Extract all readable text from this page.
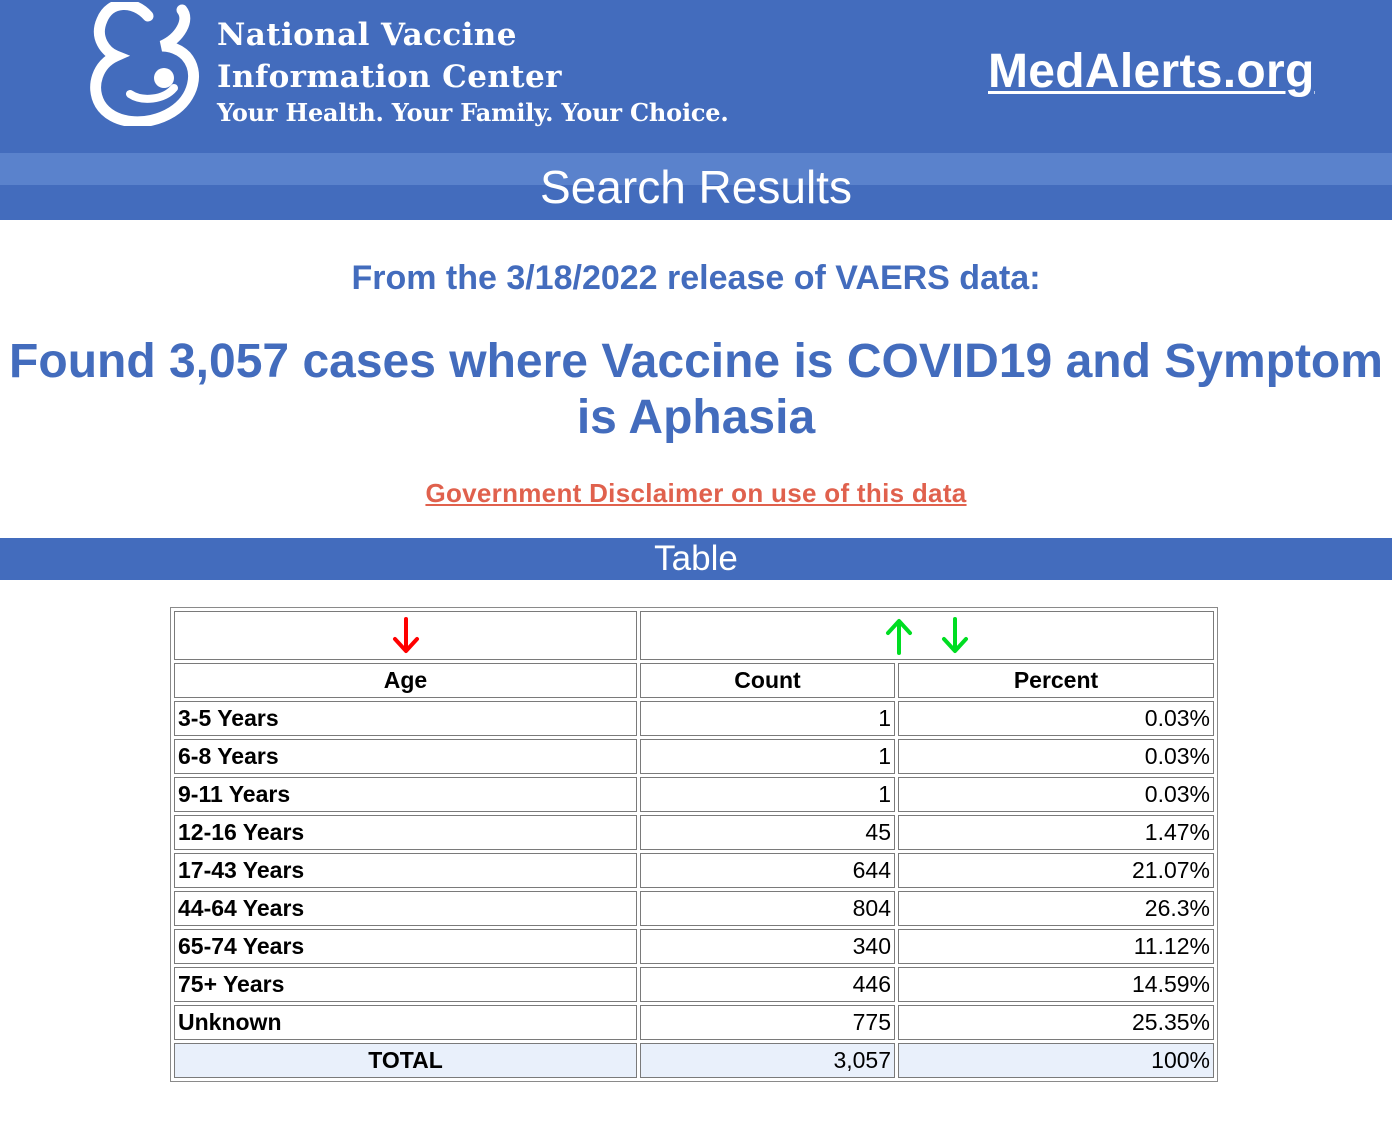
National Vaccine
Information Center
Your Health. Your Family. Your Choice.
MedAlerts.org
Search Results
From the 3/18/2022 release of VAERS data:
Found 3,057 cases where Vaccine is COVID19 and Symptom is Aphasia
Government Disclaimer on use of this data
Table

Age	Count	Percent
3-5 Years	1	0.03%
6-8 Years	1	0.03%
9-11 Years	1	0.03%
12-16 Years	45	1.47%
17-43 Years	644	21.07%
44-64 Years	804	26.3%
65-74 Years	340	11.12%
75+ Years	446	14.59%
Unknown	775	25.35%
TOTAL	3,057	100%
